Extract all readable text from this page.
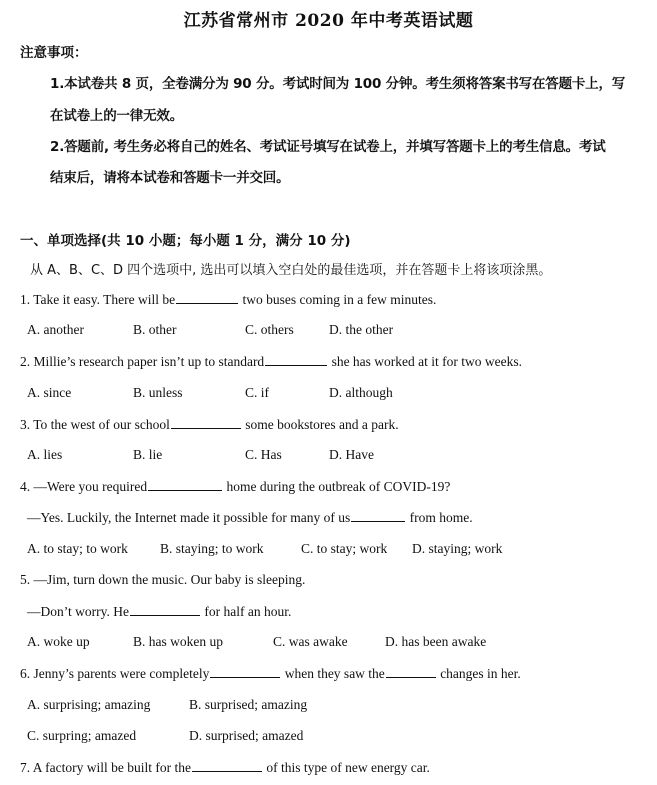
江苏省常州市 2020 年中考英语试题
注意事项：
1.本试卷共 8 页，全卷满分为 90 分。考试时间为 100 分钟。考生须将答案书写在答题卡上，写
在试卷上的一律无效。
2.答题前, 考生务必将自己的姓名、考试证号填写在试卷上，并填写答题卡上的考生信息。考试
结束后，请将本试卷和答题卡一并交回。
一、单项选择(共 10 小题；每小题 1 分，满分 10 分)
从 A、B、C、D 四个选项中, 选出可以填入空白处的最佳选项，并在答题卡上将该项涂黑。
1. Take it easy. There will be	two buses coming in a few minutes.
A. another	B. other	C. others	D. the other
2. Millie’s research paper isn’t up to standard	she has worked at it for two weeks.
A. since	B. unless	C. if	D. although
3. To the west of our school	some bookstores and a park.
A. lies	B. lie	C. Has	D. Have
4. —Were you required	home during the outbreak of COVID-19?
—Yes. Luckily, the Internet made it possible for many of us	from home.
A. to stay; to work B. staying; to work	C. to stay; work D. staying; work
5. —Jim, turn down the music. Our baby is sleeping.
—Don’t worry. He	for half an hour.
A. woke up	B. has woken up	C. was awake	D. has been awake
6. Jenny’s parents were completely	when they saw the	changes in her.
A. surprising; amazing	B. surprised; amazing
C. surpring; amazed	D. surprised; amazed
7. A factory will be built for the	of this type of new energy car.
